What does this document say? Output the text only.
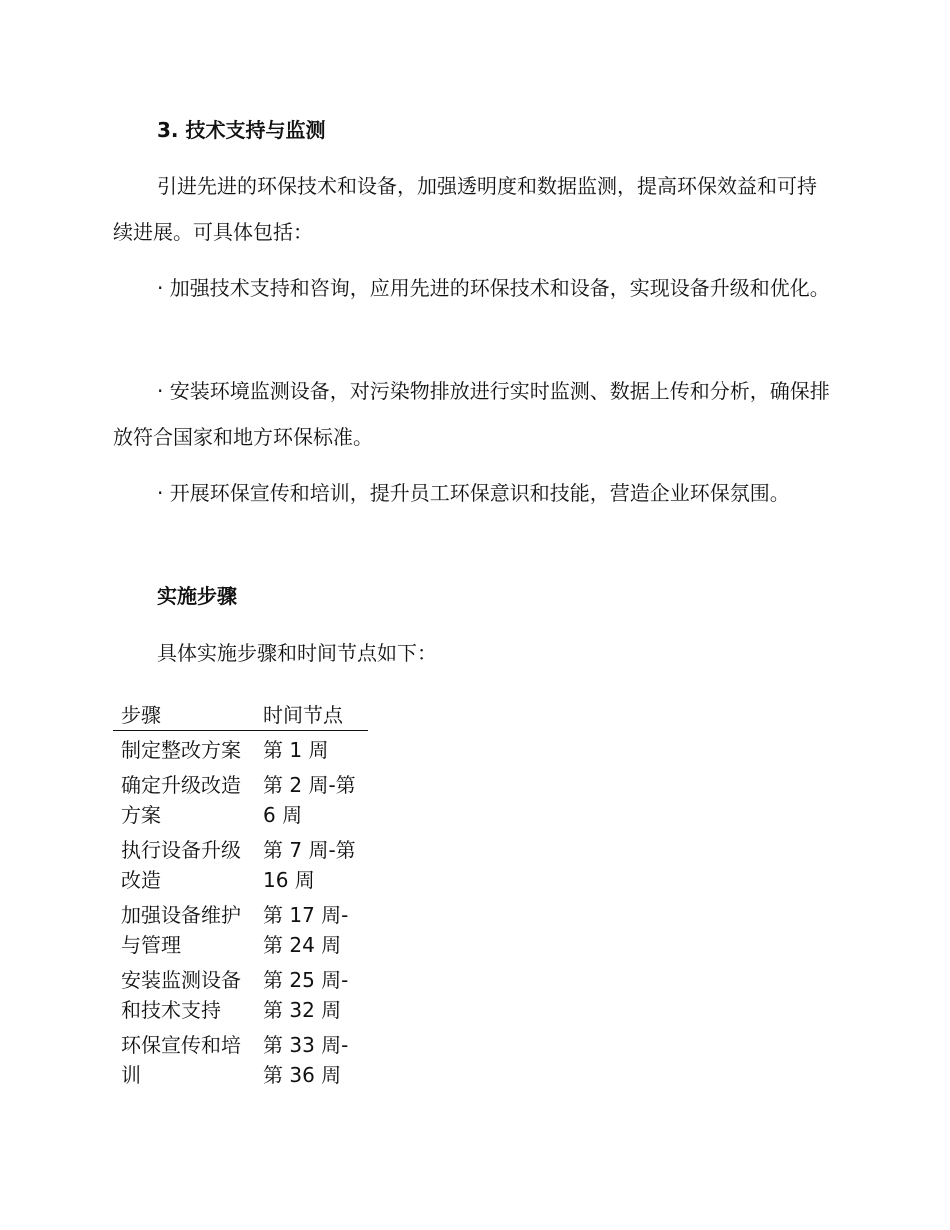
3. 技术支持与监测

引进先进的环保技术和设备，加强透明度和数据监测，提高环保效益和可持续进展。可具体包括：

· 加强技术支持和咨询，应用先进的环保技术和设备，实现设备升级和优化。

· 安装环境监测设备，对污染物排放进行实时监测、数据上传和分析，确保排放符合国家和地方环保标准。

· 开展环保宣传和培训，提升员工环保意识和技能，营造企业环保氛围。

实施步骤

具体实施步骤和时间节点如下：

步骤	时间节点
制定整改方案	第 1 周
确定升级改造方案	第 2 周-第 6 周
执行设备升级改造	第 7 周-第 16 周
加强设备维护与管理	第 17 周-第 24 周
安装监测设备和技术支持	第 25 周-第 32 周
环保宣传和培训	第 33 周-第 36 周
